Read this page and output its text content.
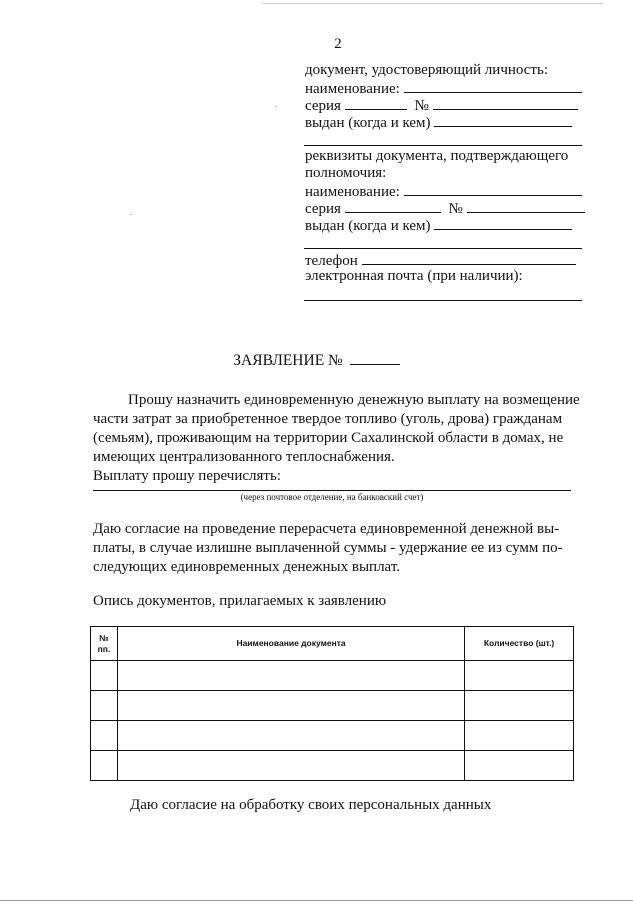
2
документ, удостоверяющий личность:
наименование:
серия	№
выдан (когда и кем)
реквизиты документа, подтверждающего
полномочия:
наименование:
серия	№
выдан (когда и кем)
телефон
электронная почта (при наличии):
ЗАЯВЛЕНИЕ №
Прошу назначить единовременную денежную выплату на возмещение
части затрат за приобретенное твердое топливо (уголь, дрова) гражданам
(семьям), проживающим на территории Сахалинской области в домах, не
имеющих централизованного теплоснабжения.
Выплату прошу перечислять:
(через почтовое отделение, на банковский счет)
Даю согласие на проведение перерасчета единовременной денежной вы-
платы, в случае излишне выплаченной суммы - удержание ее из сумм по-
следующих единовременных денежных выплат.
Опись документов, прилагаемых к заявлению
№ пп.	Наименование документа	Количество (шт.)

Даю согласие на обработку своих персональных данных
